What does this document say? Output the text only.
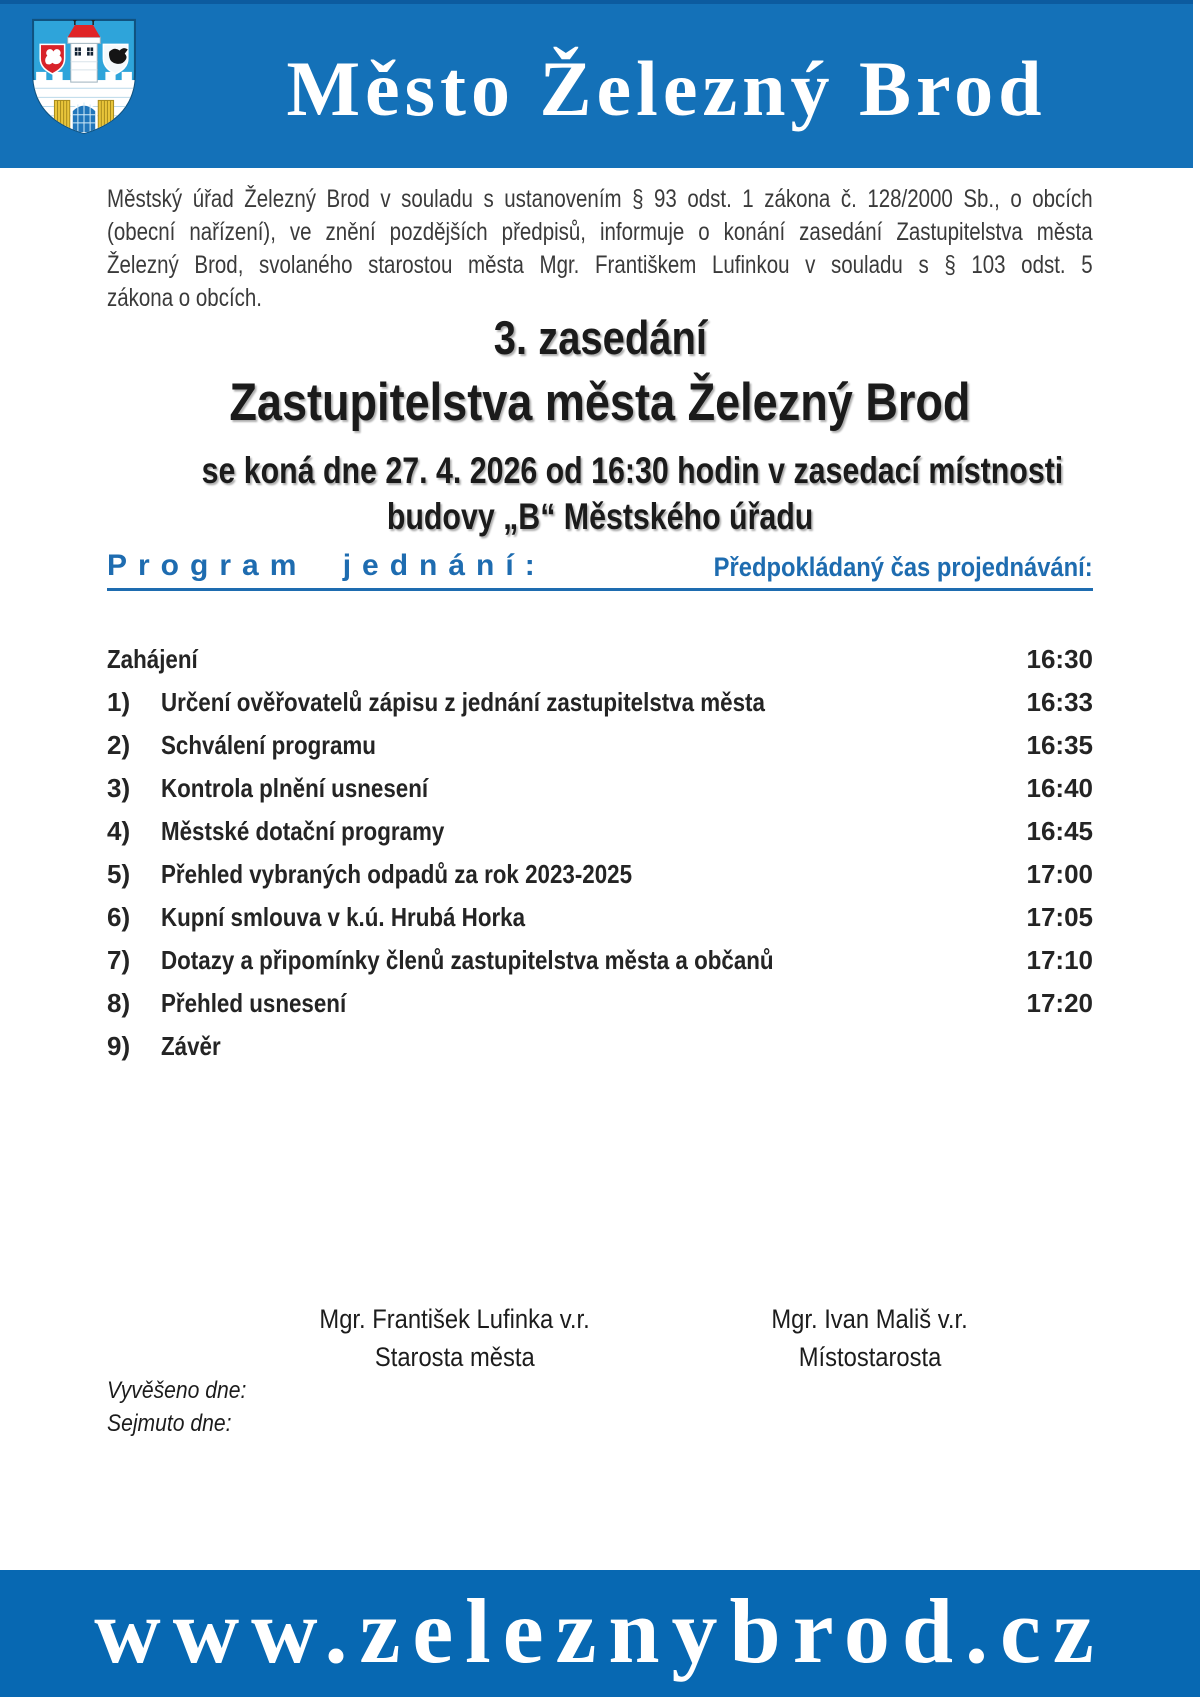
Město Železný Brod
Městský úřad Železný Brod v souladu s ustanovením § 93 odst. 1 zákona č. 128/2000 Sb., o obcích
(obecní nařízení), ve znění pozdějších předpisů, informuje o konání zasedání Zastupitelstva města
Železný Brod, svolaného starostou města Mgr. Františkem Lufinkou v souladu s § 103 odst. 5
zákona o obcích.
3. zasedání
Zastupitelstva města Železný Brod
se koná dne 27. 4. 2026 od 16:30 hodin v zasedací místnosti
budovy „B“ Městského úřadu
Program jednání:	Předpokládaný čas projednávání:
Zahájení	16:30
1)	Určení ověřovatelů zápisu z jednání zastupitelstva města	16:33
2)	Schválení programu	16:35
3)	Kontrola plnění usnesení	16:40
4)	Městské dotační programy	16:45
5)	Přehled vybraných odpadů za rok 2023-2025	17:00
6)	Kupní smlouva v k.ú. Hrubá Horka	17:05
7)	Dotazy a připomínky členů zastupitelstva města a občanů	17:10
8)	Přehled usnesení	17:20
9)	Závěr
Mgr. František Lufinka v.r.
Starosta města
Mgr. Ivan Mališ v.r.
Místostarosta
Vyvěšeno dne:
Sejmuto dne:
www.zeleznybrod.cz
